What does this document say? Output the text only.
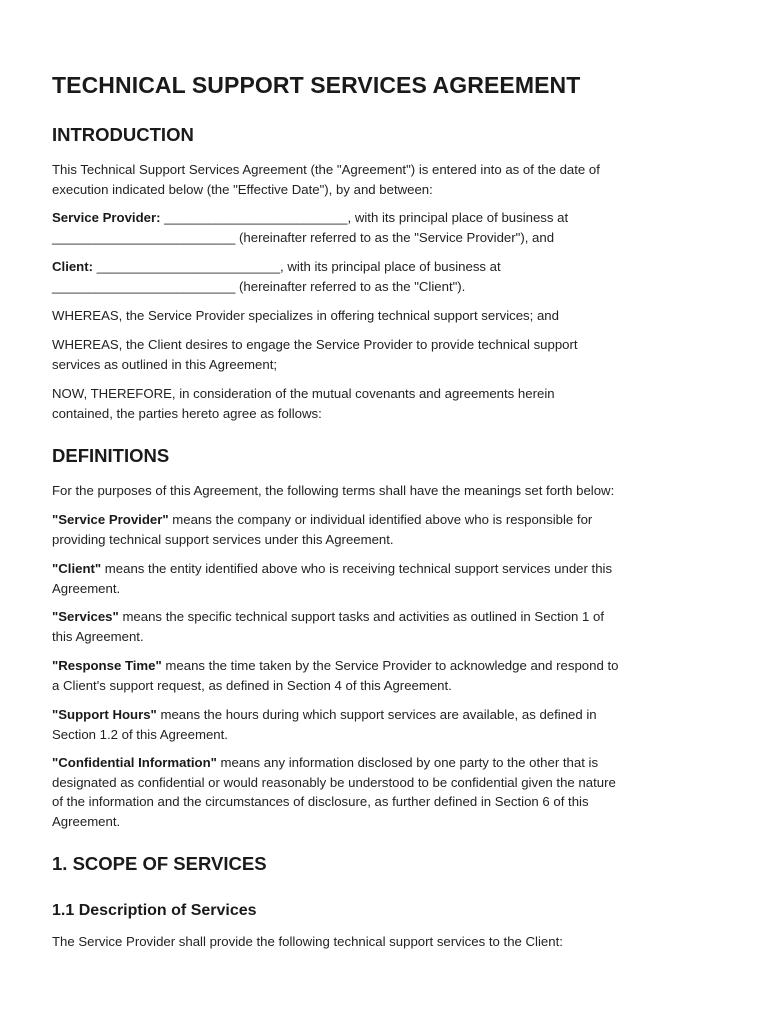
TECHNICAL SUPPORT SERVICES AGREEMENT
INTRODUCTION

This Technical Support Services Agreement (the "Agreement") is entered into as of the date of
execution indicated below (the "Effective Date"), by and between:

Service Provider: _________________________, with its principal place of business at
_________________________ (hereinafter referred to as the "Service Provider"), and

Client: _________________________, with its principal place of business at
_________________________ (hereinafter referred to as the "Client").

WHEREAS, the Service Provider specializes in offering technical support services; and

WHEREAS, the Client desires to engage the Service Provider to provide technical support
services as outlined in this Agreement;

NOW, THEREFORE, in consideration of the mutual covenants and agreements herein
contained, the parties hereto agree as follows:

DEFINITIONS

For the purposes of this Agreement, the following terms shall have the meanings set forth below:

"Service Provider" means the company or individual identified above who is responsible for
providing technical support services under this Agreement.

"Client" means the entity identified above who is receiving technical support services under this
Agreement.

"Services" means the specific technical support tasks and activities as outlined in Section 1 of
this Agreement.

"Response Time" means the time taken by the Service Provider to acknowledge and respond to
a Client's support request, as defined in Section 4 of this Agreement.

"Support Hours" means the hours during which support services are available, as defined in
Section 1.2 of this Agreement.

"Confidential Information" means any information disclosed by one party to the other that is
designated as confidential or would reasonably be understood to be confidential given the nature
of the information and the circumstances of disclosure, as further defined in Section 6 of this
Agreement.

1. SCOPE OF SERVICES
1.1 Description of Services

The Service Provider shall provide the following technical support services to the Client:
